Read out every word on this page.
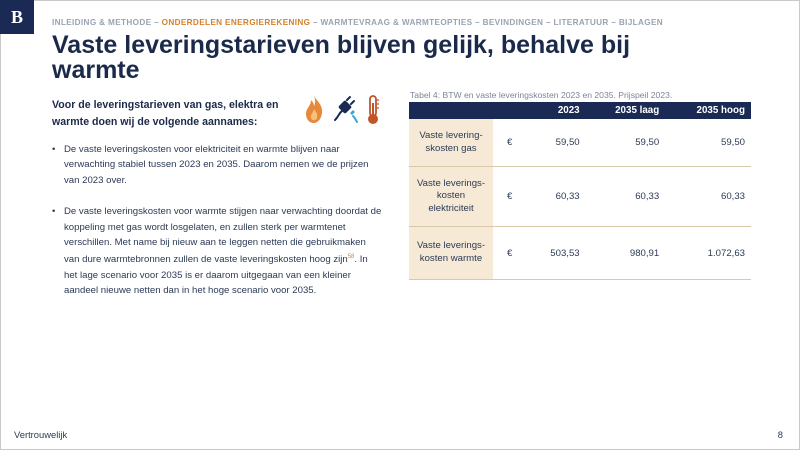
B	INLEIDING & METHODE – ONDERDELEN ENERGIEREKENING – WARMTEVRAAG & WARMTEOPTIES – BEVINDINGEN – LITERATUUR – BIJLAGEN
Vaste leveringstarieven blijven gelijk, behalve bij warmte

Voor de leveringstarieven van gas, elektra en warmte doen wij de volgende aannames:

• De vaste leveringskosten voor elektriciteit en warmte blijven naar verwachting stabiel tussen 2023 en 2035. Daarom nemen we de prijzen van 2023 over.
• De vaste leveringskosten voor warmte stijgen naar verwachting doordat de koppeling met gas wordt losgelaten, en zullen sterk per warmtenet verschillen. Met name bij nieuw aan te leggen netten die gebruikmaken van dure warmtebronnen zullen de vaste leveringskosten hoog zijn$^{58}$. In het lage scenario voor 2035 is er daarom uitgegaan van een kleiner aandeel nieuwe netten dan in het hoge scenario voor 2035.
Tabel 4: BTW en vaste leveringskosten 2023 en 2035. Prijspeil 2023.
		2023	2035 laag	2035 hoog
Vaste leveringskosten gas	€	59,50	59,50	59,50
Vaste leverings-kosten elektriciteit	€	60,33	60,33	60,33
Vaste leverings-kosten warmte	€	503,53	980,91	1.072,63
Vertrouwelijk	8
